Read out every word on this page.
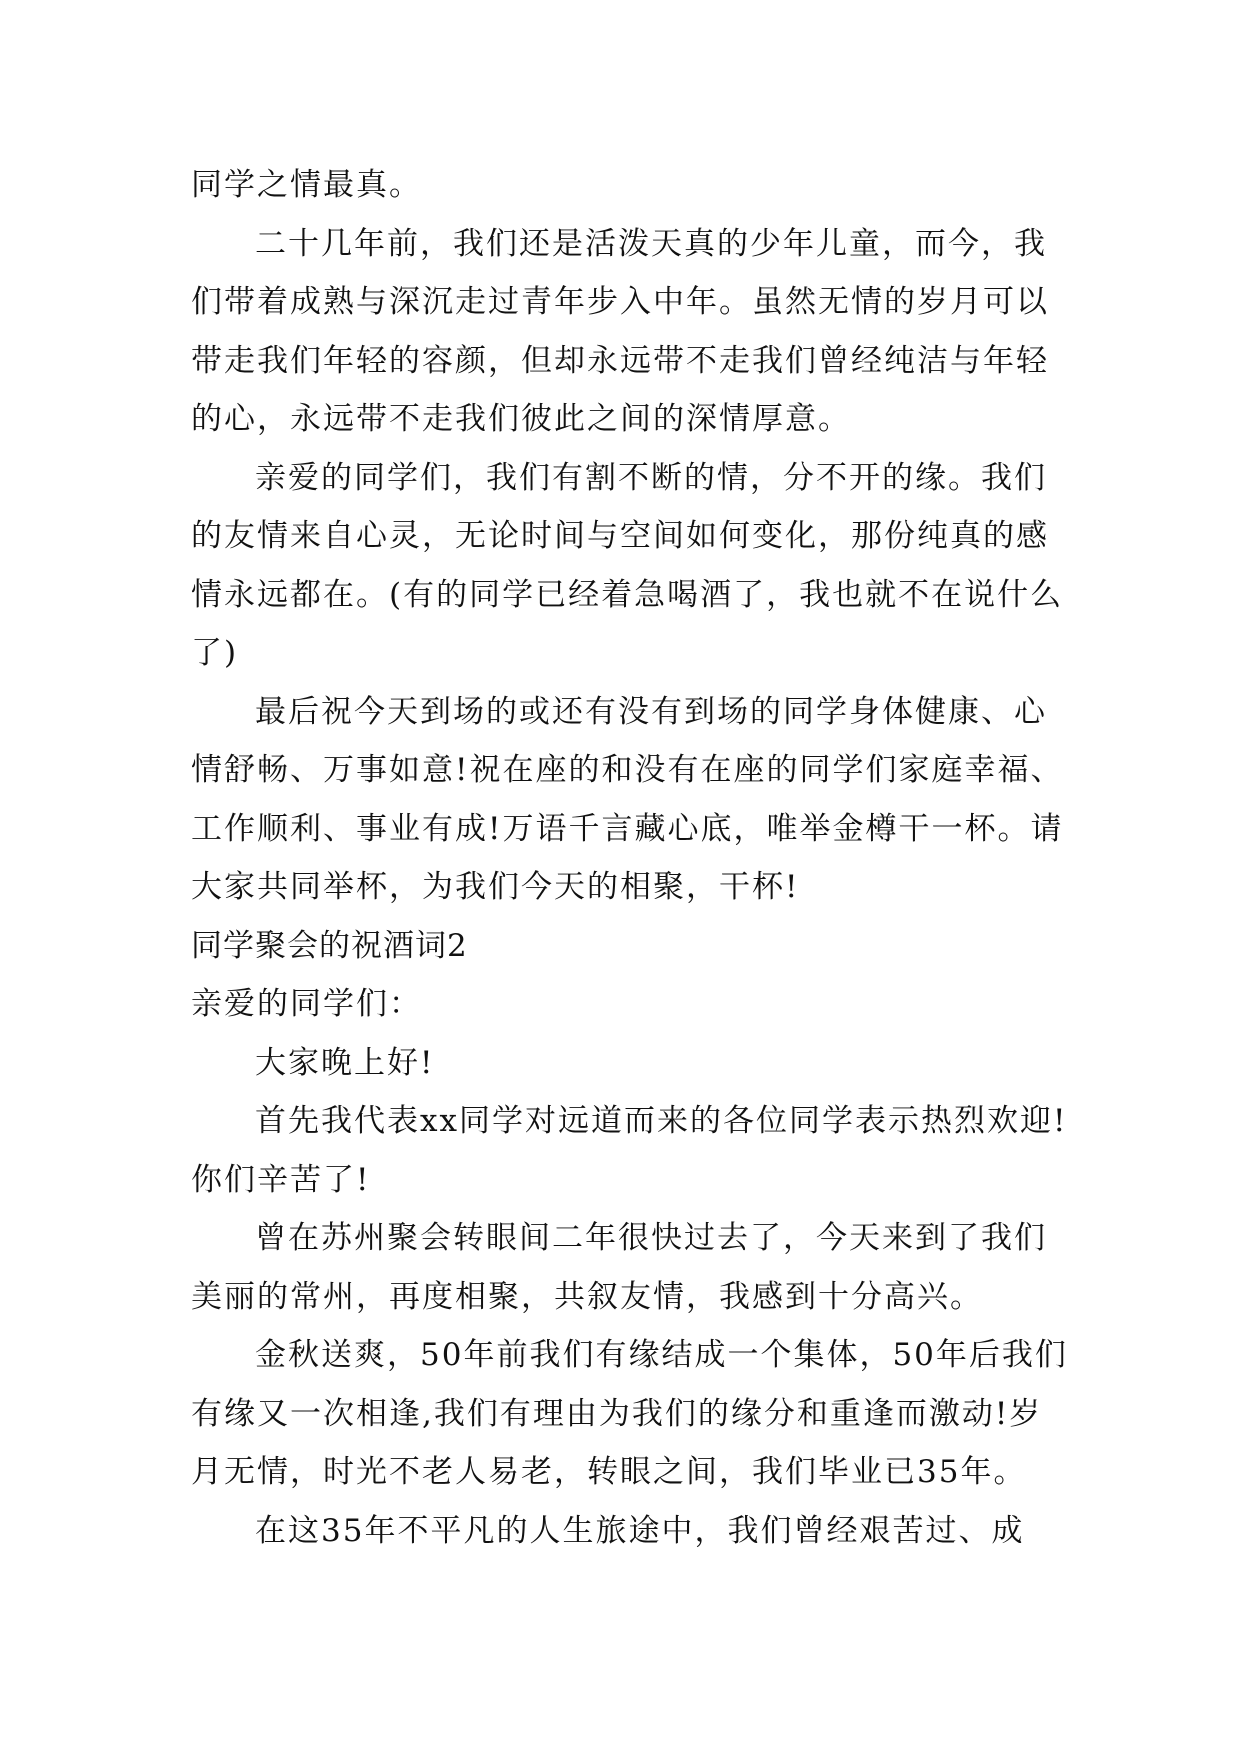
同学之情最真。

二十几年前，我们还是活泼天真的少年儿童，而今，我们带着成熟与深沉走过青年步入中年。虽然无情的岁月可以带走我们年轻的容颜，但却永远带不走我们曾经纯洁与年轻的心，永远带不走我们彼此之间的深情厚意。

亲爱的同学们，我们有割不断的情，分不开的缘。我们的友情来自心灵，无论时间与空间如何变化，那份纯真的感情永远都在。(有的同学已经着急喝酒了，我也就不在说什么了)

最后祝今天到场的或还有没有到场的同学身体健康、心情舒畅、万事如意!祝在座的和没有在座的同学们家庭幸福、工作顺利、事业有成!万语千言藏心底，唯举金樽干一杯。请大家共同举杯，为我们今天的相聚，干杯!

同学聚会的祝酒词2

亲爱的同学们：

大家晚上好!

首先我代表xx同学对远道而来的各位同学表示热烈欢迎!你们辛苦了!

曾在苏州聚会转眼间二年很快过去了，今天来到了我们美丽的常州，再度相聚，共叙友情，我感到十分高兴。

金秋送爽，50年前我们有缘结成一个集体，50年后我们有缘又一次相逢,我们有理由为我们的缘分和重逢而激动!岁月无情，时光不老人易老，转眼之间，我们毕业已35年。

在这35年不平凡的人生旅途中，我们曾经艰苦过、成
